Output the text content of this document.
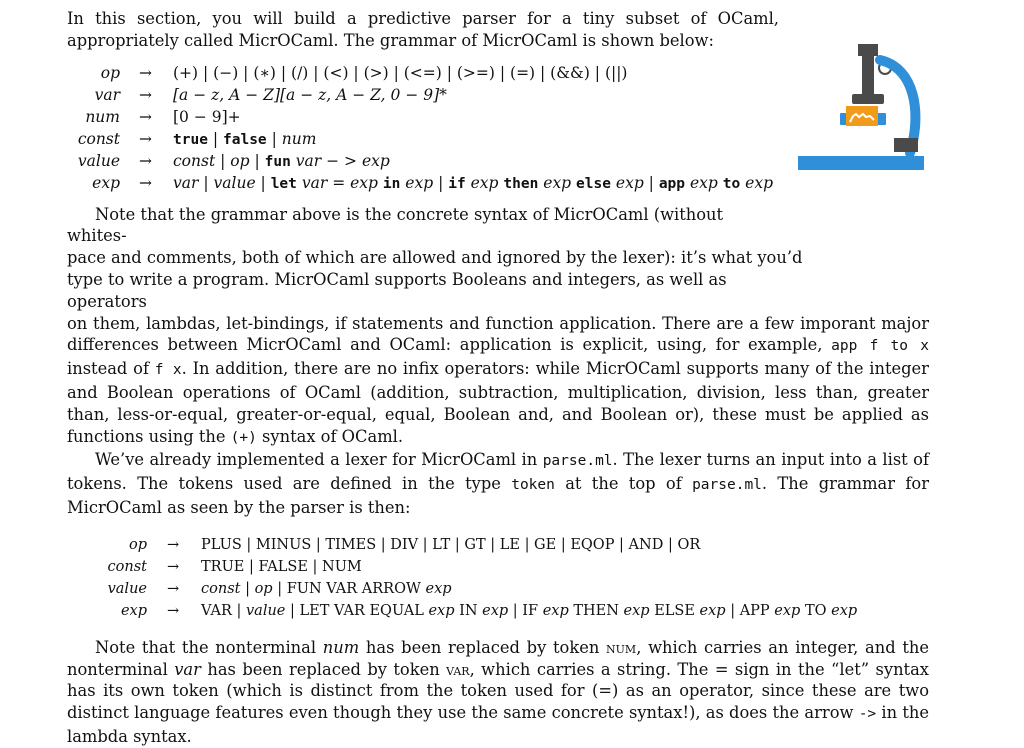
In this section, you will build a predictive parser for a tiny subset of OCaml, appropriately called MicrOCaml. The grammar of MicrOCaml is shown below:

op → (+) | (−) | (∗) | (/) | (<) | (>) | (<=) | (>=) | (=) | (&&) | (||)
var → [a − z, A − Z][a − z, A − Z, 0 − 9]*
num → [0 − 9]+
const → true | false | num
value → const | op | fun var − > exp
exp → var | value | let var = exp in exp | if exp then exp else exp | app exp to exp

Note that the grammar above is the concrete syntax of MicrOCaml (without whites-

pace and comments, both of which are allowed and ignored by the lexer): it’s what you’d

type to write a program. MicrOCaml supports Booleans and integers, as well as operators

on them, lambdas, let-bindings, if statements and function application. There are a few imporant major differences between MicrOCaml and OCaml: application is explicit, using, for example, app f to x instead of f x. In addition, there are no infix operators: while MicrOCaml supports many of the integer and Boolean operations of OCaml (addition, subtraction, multiplication, division, less than, greater than, less-or-equal, greater-or-equal, equal, Boolean and, and Boolean or), these must be applied as functions using the (+) syntax of OCaml.

We’ve already implemented a lexer for MicrOCaml in parse.ml. The lexer turns an input into a list of tokens. The tokens used are defined in the type token at the top of parse.ml. The grammar for MicrOCaml as seen by the parser is then:

op → PLUS | MINUS | TIMES | DIV | LT | GT | LE | GE | EQOP | AND | OR
const → TRUE | FALSE | NUM
value → const | op | FUN VAR ARROW exp
exp → VAR | value | LET VAR EQUAL exp IN exp | IF exp THEN exp ELSE exp | APP exp TO exp

Note that the nonterminal num has been replaced by token num, which carries an integer, and the nonterminal var has been replaced by token var, which carries a string. The = sign in the “let” syntax has its own token (which is distinct from the token used for (=) as an operator, since these are two distinct language features even though they use the same concrete syntax!), as does the arrow -> in the lambda syntax.
